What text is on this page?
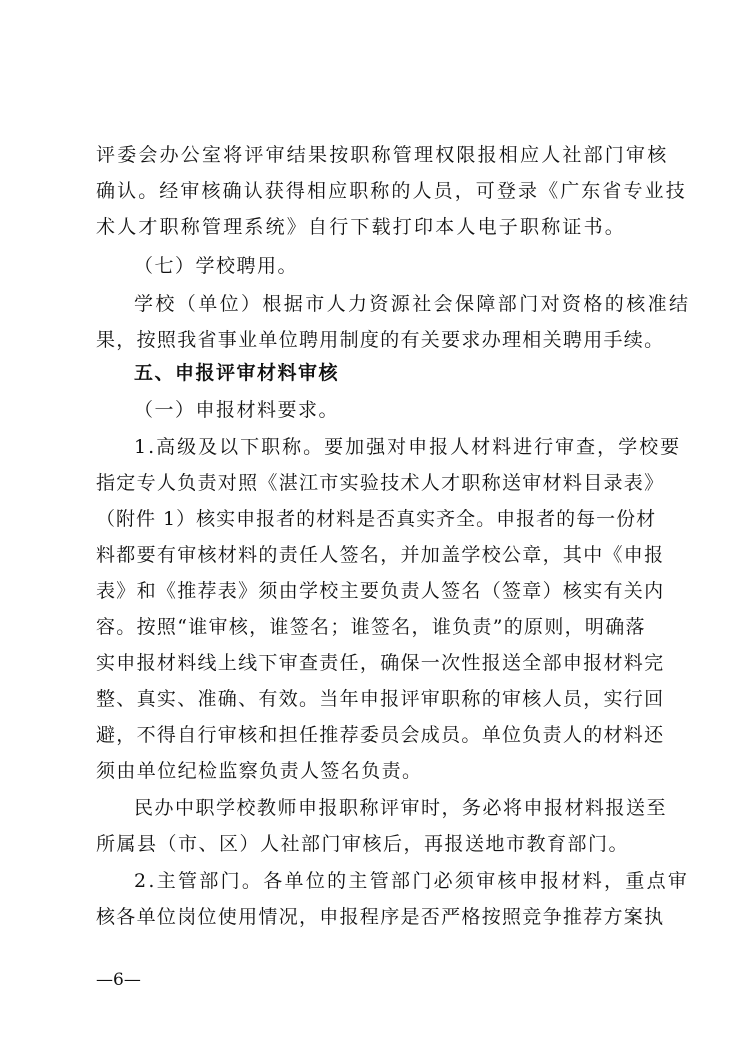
评委会办公室将评审结果按职称管理权限报相应人社部门审核
确认。经审核确认获得相应职称的人员，可登录《广东省专业技
术人才职称管理系统》自行下载打印本人电子职称证书。
（七）学校聘用。
学校（单位）根据市人力资源社会保障部门对资格的核准结
果，按照我省事业单位聘用制度的有关要求办理相关聘用手续。
五、申报评审材料审核
（一）申报材料要求。
1.高级及以下职称。要加强对申报人材料进行审查，学校要
指定专人负责对照《湛江市实验技术人才职称送审材料目录表》
（附件 1）核实申报者的材料是否真实齐全。申报者的每一份材
料都要有审核材料的责任人签名，并加盖学校公章，其中《申报
表》和《推荐表》须由学校主要负责人签名（签章）核实有关内
容。按照“谁审核，谁签名；谁签名，谁负责”的原则，明确落
实申报材料线上线下审查责任，确保一次性报送全部申报材料完
整、真实、准确、有效。当年申报评审职称的审核人员，实行回
避，不得自行审核和担任推荐委员会成员。单位负责人的材料还
须由单位纪检监察负责人签名负责。
民办中职学校教师申报职称评审时，务必将申报材料报送至
所属县（市、区）人社部门审核后，再报送地市教育部门。
2.主管部门。各单位的主管部门必须审核申报材料，重点审
核各单位岗位使用情况，申报程序是否严格按照竞争推荐方案执
—6—
